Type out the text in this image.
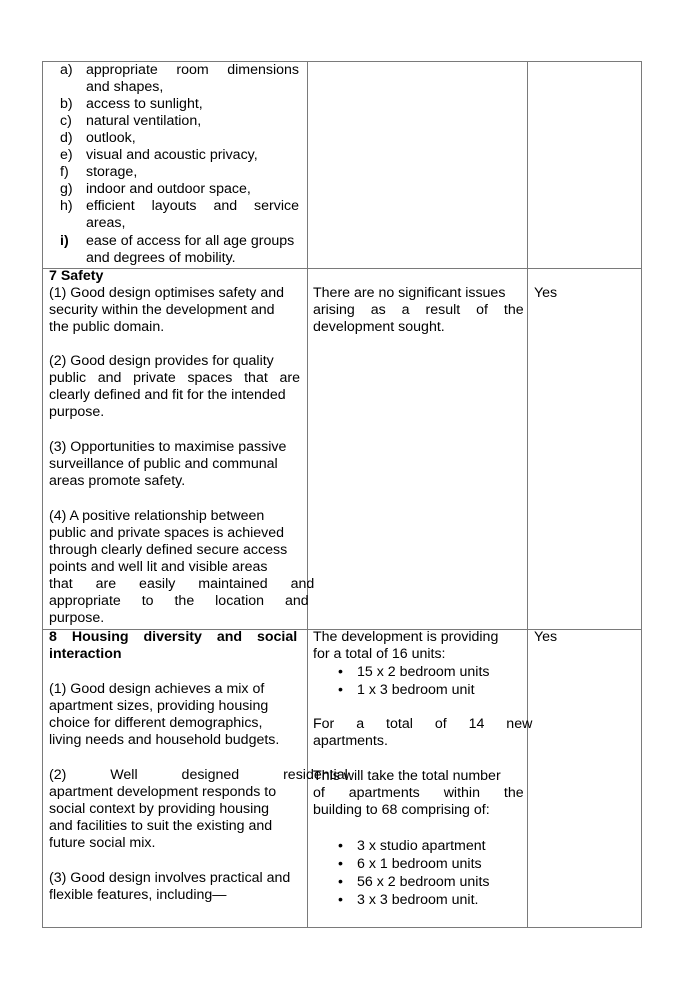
a) appropriate room dimensions
and shapes,
b) access to sunlight,
c) natural ventilation,
d) outlook,
e) visual and acoustic privacy,
f) storage,
g) indoor and outdoor space,
h) efficient layouts and service
areas,
i) ease of access for all age groups
and degrees of mobility.
7 Safety
(1) Good design optimises safety and
security within the development and
the public domain.
(2) Good design provides for quality
public and private spaces that are
clearly defined and fit for the intended
purpose.
(3) Opportunities to maximise passive
surveillance of public and communal
areas promote safety.
(4) A positive relationship between
public and private spaces is achieved
through clearly defined secure access
points and well lit and visible areas
that are easily maintained and
appropriate to the location and
purpose.
There are no significant issues
arising as a result of the
development sought.
Yes
8 Housing diversity and social
interaction
(1) Good design achieves a mix of
apartment sizes, providing housing
choice for different demographics,
living needs and household budgets.
(2) Well designed residential
apartment development responds to
social context by providing housing
and facilities to suit the existing and
future social mix.
(3) Good design involves practical and
flexible features, including—
The development is providing
for a total of 16 units:
• 15 x 2 bedroom units
• 1 x 3 bedroom unit
For a total of 14 new
apartments.
This will take the total number
of apartments within the
building to 68 comprising of:
• 3 x studio apartment
• 6 x 1 bedroom units
• 56 x 2 bedroom units
• 3 x 3 bedroom unit.
Yes
